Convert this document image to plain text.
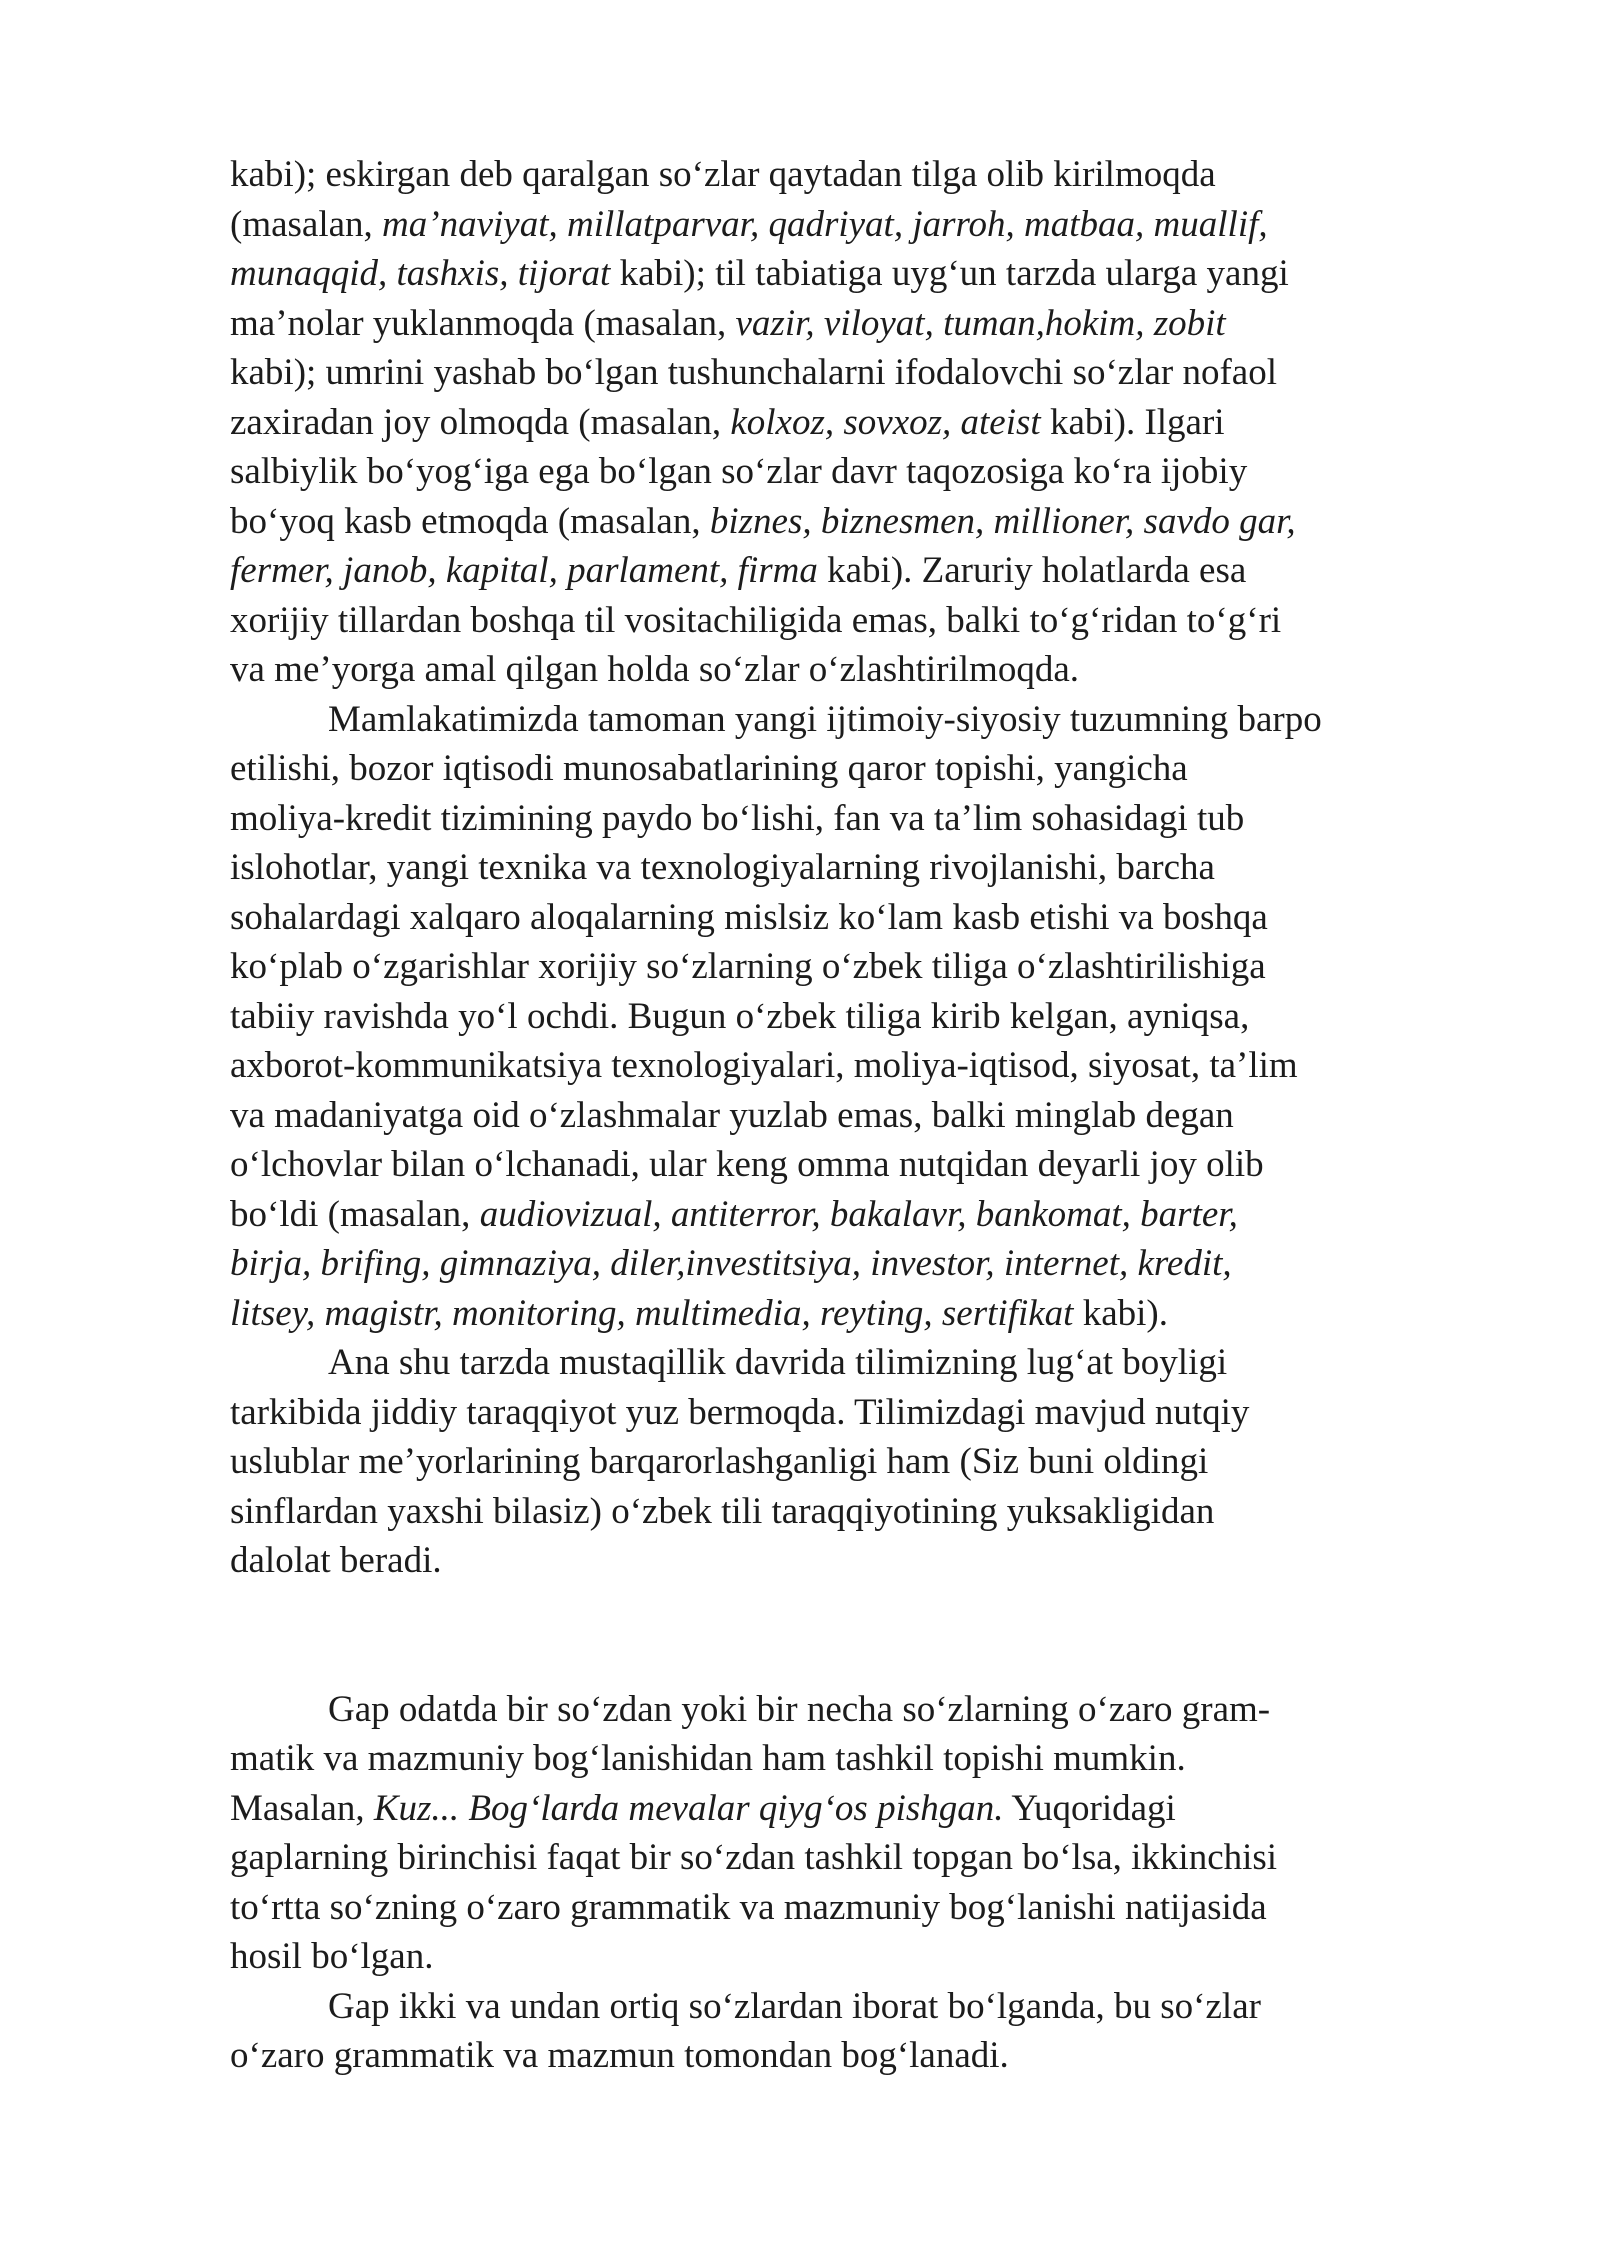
kabi); eskirgan deb qaralgan so‘zlar qaytadan tilga olib kirilmoqda
(masalan, ma’naviyat, millatparvar, qadriyat, jarroh, matbaa, muallif,
munaqqid, tashxis, tijorat kabi); til tabiatiga uyg‘un tarzda ularga yangi
ma’nolar yuklanmoqda (masalan, vazir, viloyat, tuman,hokim, zobit
kabi); umrini yashab bo‘lgan tushunchalarni ifodalovchi so‘zlar nofaol
zaxiradan joy olmoqda (masalan, kolxoz, sovxoz, ateist kabi). Ilgari
salbiylik bo‘yog‘iga ega bo‘lgan so‘zlar davr taqozosiga ko‘ra ijobiy
bo‘yoq kasb etmoqda (masalan, biznes, biznesmen, millioner, savdo gar,
fermer, janob, kapital, parlament, firma kabi). Zaruriy holatlarda esa
xorijiy tillardan boshqa til vositachiligida emas, balki to‘g‘ridan to‘g‘ri
va me’yorga amal qilgan holda so‘zlar o‘zlashtirilmoqda.

Mamlakatimizda tamoman yangi ijtimoiy-siyosiy tuzumning barpo
etilishi, bozor iqtisodi munosabatlarining qaror topishi, yangicha
moliya-kredit tizimining paydo bo‘lishi, fan va ta’lim sohasidagi tub
islohotlar, yangi texnika va texnologiyalarning rivojlanishi, barcha
sohalardagi xalqaro aloqalarning mislsiz ko‘lam kasb etishi va boshqa
ko‘plab o‘zgarishlar xorijiy so‘zlarning o‘zbek tiliga o‘zlashtirilishiga
tabiiy ravishda yo‘l ochdi. Bugun o‘zbek tiliga kirib kelgan, ayniqsa,
axborot-kommunikatsiya texnologiyalari, moliya-iqtisod, siyosat, ta’lim
va madaniyatga oid o‘zlashmalar yuzlab emas, balki minglab degan
o‘lchovlar bilan o‘lchanadi, ular keng omma nutqidan deyarli joy olib
bo‘ldi (masalan, audiovizual, antiterror, bakalavr, bankomat, barter,
birja, brifing, gimnaziya, diler,investitsiya, investor, internet, kredit,
litsey, magistr, monitoring, multimedia, reyting, sertifikat kabi).

Ana shu tarzda mustaqillik davrida tilimizning lug‘at boyligi
tarkibida jiddiy taraqqiyot yuz bermoqda. Tilimizdagi mavjud nutqiy
uslublar me’yorlarining barqarorlashganligi ham (Siz buni oldingi
sinflardan yaxshi bilasiz) o‘zbek tili taraqqiyotining yuksakligidan
dalolat beradi.

Gap odatda bir so‘zdan yoki bir necha so‘zlarning o‘zaro gram-
matik va mazmuniy bog‘lanishidan ham tashkil topishi mumkin.
Masalan, Kuz... Bog‘larda mevalar qiyg‘os pishgan. Yuqoridagi
gaplarning birinchisi faqat bir so‘zdan tashkil topgan bo‘lsa, ikkinchisi
to‘rtta so‘zning o‘zaro grammatik va mazmuniy bog‘lanishi natijasida
hosil bo‘lgan.

Gap ikki va undan ortiq so‘zlardan iborat bo‘lganda, bu so‘zlar
o‘zaro grammatik va mazmun tomondan bog‘lanadi.
